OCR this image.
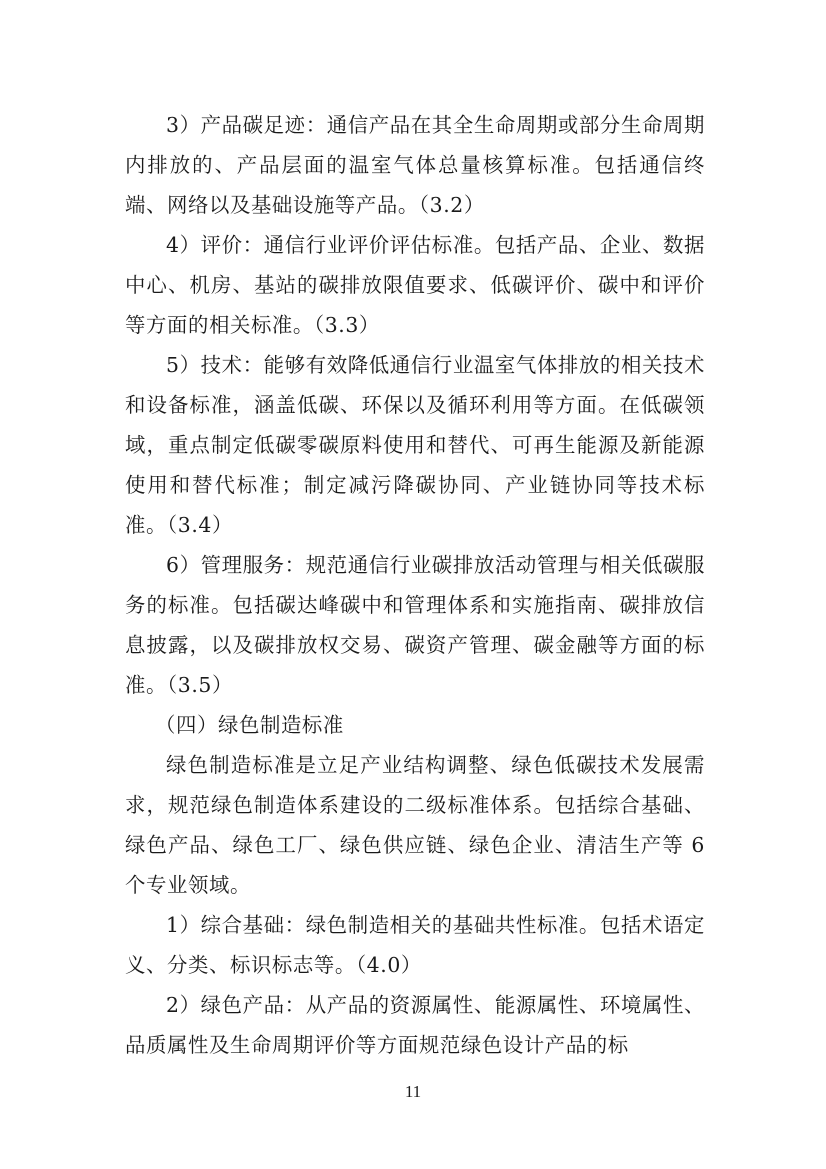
3）产品碳足迹：通信产品在其全生命周期或部分生命周期内排放的、产品层面的温室气体总量核算标准。包括通信终端、网络以及基础设施等产品。（3.2）

4）评价：通信行业评价评估标准。包括产品、企业、数据中心、机房、基站的碳排放限值要求、低碳评价、碳中和评价等方面的相关标准。（3.3）

5）技术：能够有效降低通信行业温室气体排放的相关技术和设备标准，涵盖低碳、环保以及循环利用等方面。在低碳领域，重点制定低碳零碳原料使用和替代、可再生能源及新能源使用和替代标准；制定减污降碳协同、产业链协同等技术标准。（3.4）

6）管理服务：规范通信行业碳排放活动管理与相关低碳服务的标准。包括碳达峰碳中和管理体系和实施指南、碳排放信息披露，以及碳排放权交易、碳资产管理、碳金融等方面的标准。（3.5）

（四）绿色制造标准

绿色制造标准是立足产业结构调整、绿色低碳技术发展需求，规范绿色制造体系建设的二级标准体系。包括综合基础、绿色产品、绿色工厂、绿色供应链、绿色企业、清洁生产等 6 个专业领域。

1）综合基础：绿色制造相关的基础共性标准。包括术语定义、分类、标识标志等。（4.0）

2）绿色产品：从产品的资源属性、能源属性、环境属性、品质属性及生命周期评价等方面规范绿色设计产品的标

11
